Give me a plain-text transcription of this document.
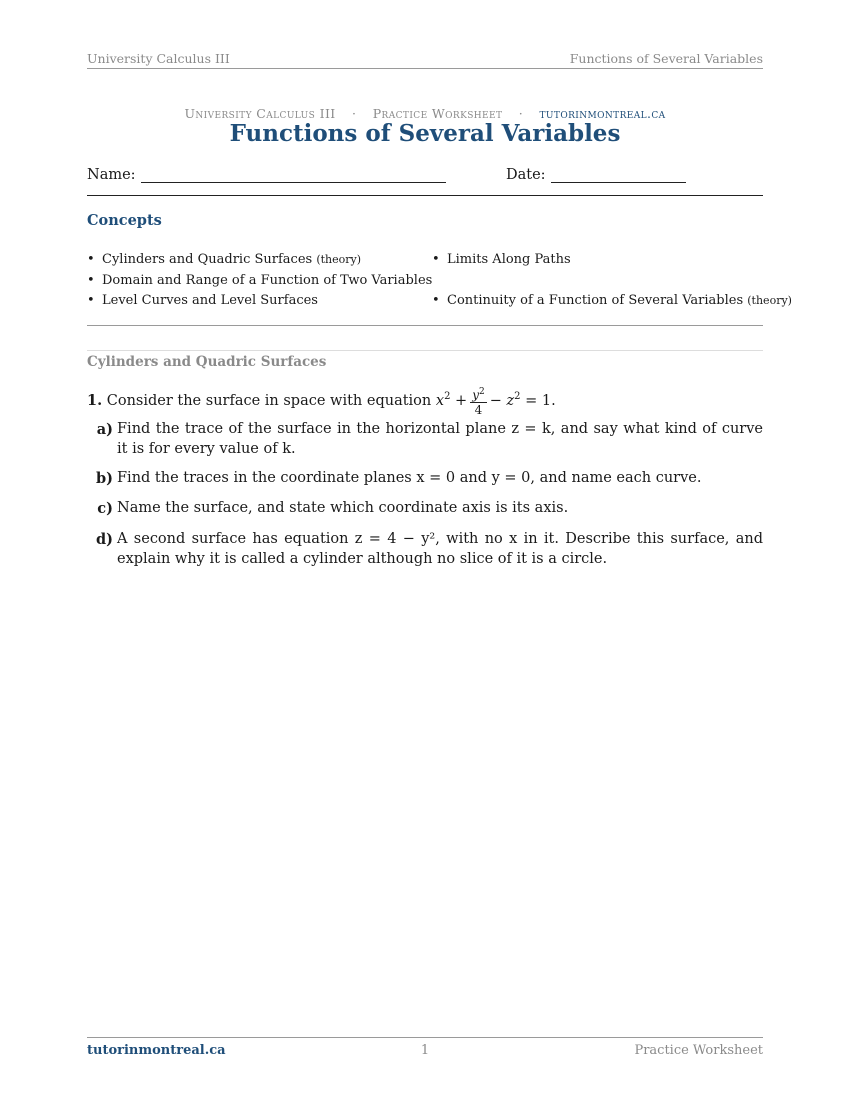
University Calculus III	Functions of Several Variables
University Calculus III · Practice Worksheet · tutorinmontreal.ca
Functions of Several Variables
Name:	Date:
Concepts
• Cylinders and Quadric Surfaces (theory)
• Domain and Range of a Function of Two Variables
• Level Curves and Level Surfaces
• Limits Along Paths

• Continuity of a Function of Several Variables (theory)
Cylinders and Quadric Surfaces
1.
Consider the surface in space with equation
$x^2 + \frac{y^2}{4} - z^2 = 1$.
a) Find the trace of the surface in the horizontal plane z = k, and say what kind of curve it is for every value of k.
b) Find the traces in the coordinate planes x = 0 and y = 0, and name each curve.
c) Name the surface, and state which coordinate axis is its axis.
d) A second surface has equation z = 4 − y², with no x in it. Describe this surface, and explain why it is called a cylinder although no slice of it is a circle.
tutorinmontreal.ca	1	Practice Worksheet
